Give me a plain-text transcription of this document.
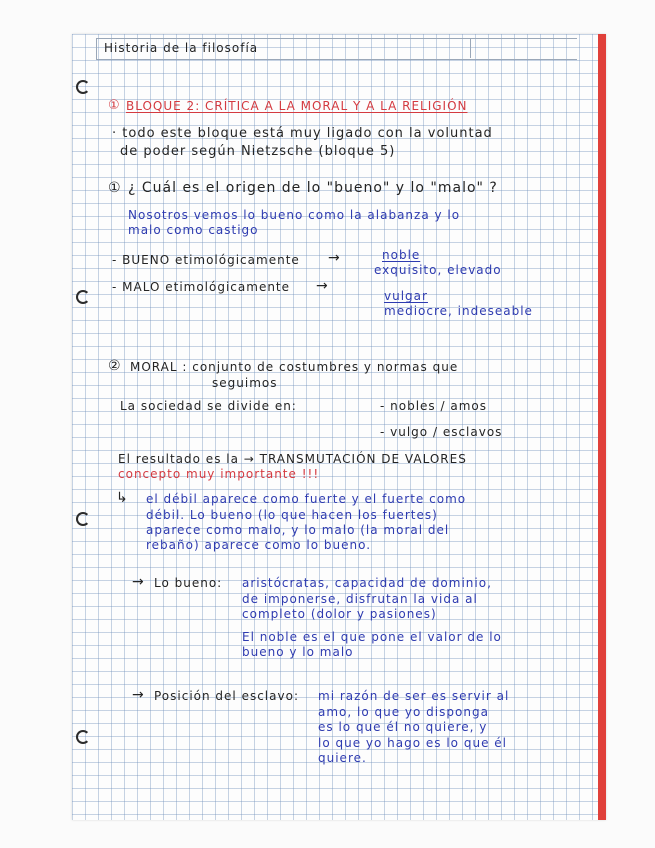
Historia de la filosofía
① BLOQUE 2: CRÍTICA A LA MORAL Y A LA RELIGIÓN
· todo este bloque está muy ligado con la voluntad
de poder según Nietzsche (bloque 5)
① ¿ Cuál es el origen de lo "bueno" y lo "malo" ?
Nosotros vemos lo bueno como la alabanza y lo
malo como castigo
- BUENO etimológicamente →	noble
exquisito, elevado
- MALO etimológicamente →
vulgar
mediocre, indeseable
② MORAL : conjunto de costumbres y normas que
seguimos
La sociedad se divide en:	- nobles / amos
- vulgo / esclavos
El resultado es la → TRANSMUTACIÓN DE VALORES
concepto muy importante !!!
↳ el débil aparece como fuerte y el fuerte como
débil. Lo bueno (lo que hacen los fuertes)
aparece como malo, y lo malo (la moral del
rebaño) aparece como lo bueno.
→ Lo bueno: aristócratas, capacidad de dominio,
de imponerse, disfrutan la vida al
completo (dolor y pasiones)
El noble es el que pone el valor de lo
bueno y lo malo
→ Posición del esclavo: mi razón de ser es servir al
amo, lo que yo disponga
es lo que él no quiere, y
lo que yo hago es lo que él
quiere.
